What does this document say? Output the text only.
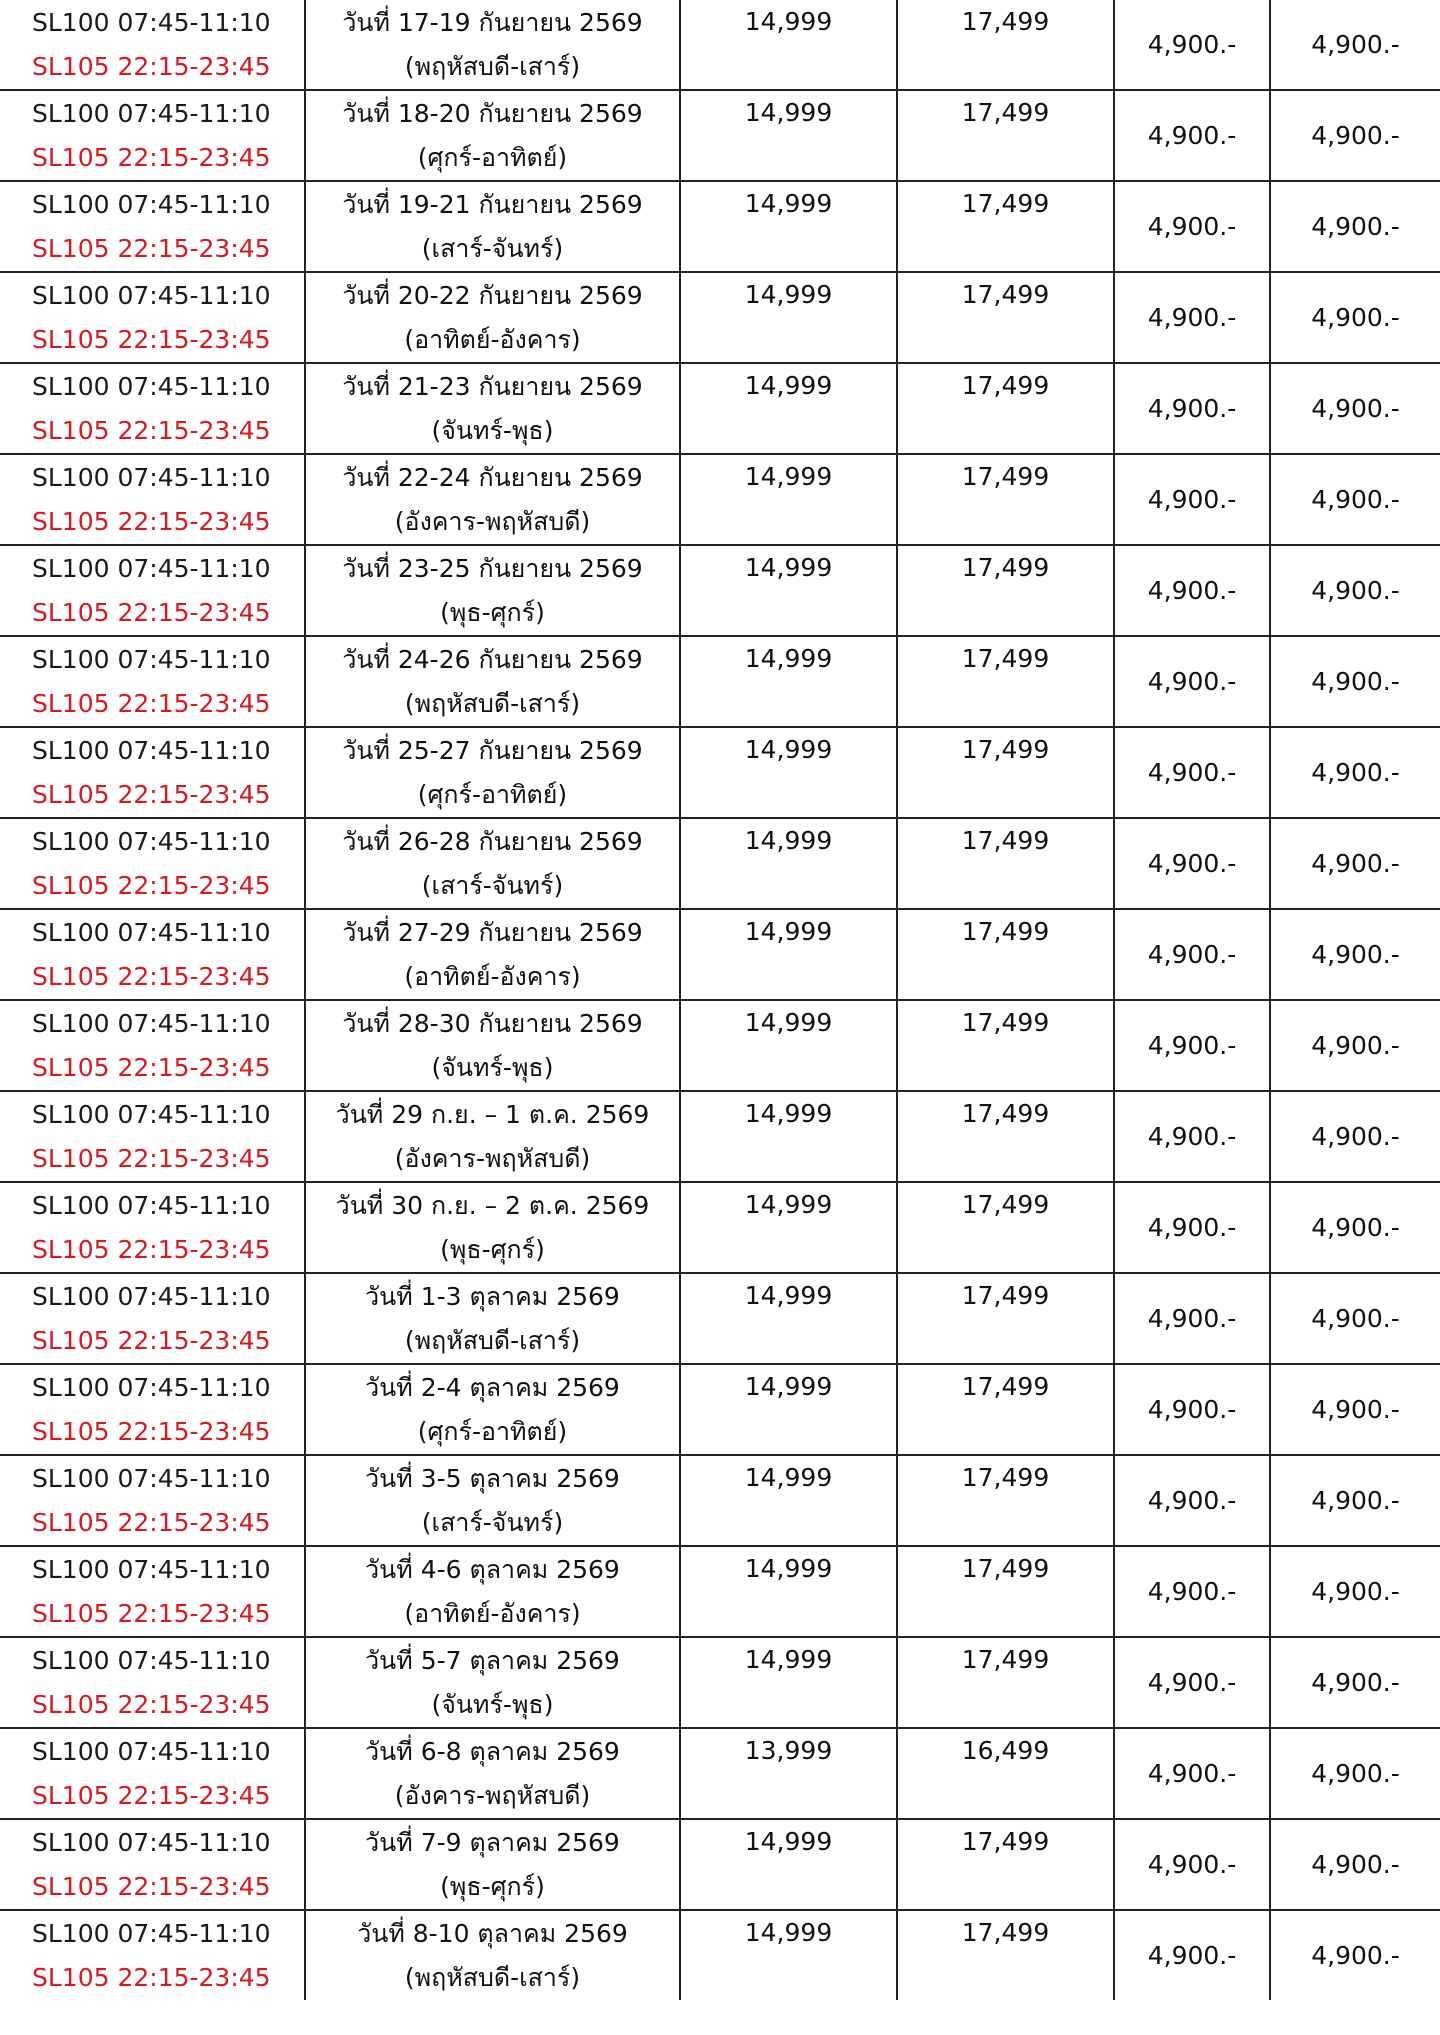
SL100 07:45-11:10
SL105 22:15-23:45	วันที่ 17-19 กันยายน 2569
(พฤหัสบดี-เสาร์)	14,999	17,499	4,900.-	4,900.-

SL100 07:45-11:10
SL105 22:15-23:45	วันที่ 18-20 กันยายน 2569
(ศุกร์-อาทิตย์)	14,999	17,499	4,900.-	4,900.-

SL100 07:45-11:10
SL105 22:15-23:45	วันที่ 19-21 กันยายน 2569
(เสาร์-จันทร์)	14,999	17,499	4,900.-	4,900.-

SL100 07:45-11:10
SL105 22:15-23:45	วันที่ 20-22 กันยายน 2569
(อาทิตย์-อังคาร)	14,999	17,499	4,900.-	4,900.-

SL100 07:45-11:10
SL105 22:15-23:45	วันที่ 21-23 กันยายน 2569
(จันทร์-พุธ)	14,999	17,499	4,900.-	4,900.-

SL100 07:45-11:10
SL105 22:15-23:45	วันที่ 22-24 กันยายน 2569
(อังคาร-พฤหัสบดี)	14,999	17,499	4,900.-	4,900.-

SL100 07:45-11:10
SL105 22:15-23:45	วันที่ 23-25 กันยายน 2569
(พุธ-ศุกร์)	14,999	17,499	4,900.-	4,900.-

SL100 07:45-11:10
SL105 22:15-23:45	วันที่ 24-26 กันยายน 2569
(พฤหัสบดี-เสาร์)	14,999	17,499	4,900.-	4,900.-

SL100 07:45-11:10
SL105 22:15-23:45	วันที่ 25-27 กันยายน 2569
(ศุกร์-อาทิตย์)	14,999	17,499	4,900.-	4,900.-

SL100 07:45-11:10
SL105 22:15-23:45	วันที่ 26-28 กันยายน 2569
(เสาร์-จันทร์)	14,999	17,499	4,900.-	4,900.-

SL100 07:45-11:10
SL105 22:15-23:45	วันที่ 27-29 กันยายน 2569
(อาทิตย์-อังคาร)	14,999	17,499	4,900.-	4,900.-

SL100 07:45-11:10
SL105 22:15-23:45	วันที่ 28-30 กันยายน 2569
(จันทร์-พุธ)	14,999	17,499	4,900.-	4,900.-

SL100 07:45-11:10
SL105 22:15-23:45	วันที่ 29 ก.ย. – 1 ต.ค. 2569
(อังคาร-พฤหัสบดี)	14,999	17,499	4,900.-	4,900.-

SL100 07:45-11:10
SL105 22:15-23:45	วันที่ 30 ก.ย. – 2 ต.ค. 2569
(พุธ-ศุกร์)	14,999	17,499	4,900.-	4,900.-

SL100 07:45-11:10
SL105 22:15-23:45	วันที่ 1-3 ตุลาคม 2569
(พฤหัสบดี-เสาร์)	14,999	17,499	4,900.-	4,900.-

SL100 07:45-11:10
SL105 22:15-23:45	วันที่ 2-4 ตุลาคม 2569
(ศุกร์-อาทิตย์)	14,999	17,499	4,900.-	4,900.-

SL100 07:45-11:10
SL105 22:15-23:45	วันที่ 3-5 ตุลาคม 2569
(เสาร์-จันทร์)	14,999	17,499	4,900.-	4,900.-

SL100 07:45-11:10
SL105 22:15-23:45	วันที่ 4-6 ตุลาคม 2569
(อาทิตย์-อังคาร)	14,999	17,499	4,900.-	4,900.-

SL100 07:45-11:10
SL105 22:15-23:45	วันที่ 5-7 ตุลาคม 2569
(จันทร์-พุธ)	14,999	17,499	4,900.-	4,900.-

SL100 07:45-11:10
SL105 22:15-23:45	วันที่ 6-8 ตุลาคม 2569
(อังคาร-พฤหัสบดี)	13,999	16,499	4,900.-	4,900.-

SL100 07:45-11:10
SL105 22:15-23:45	วันที่ 7-9 ตุลาคม 2569
(พุธ-ศุกร์)	14,999	17,499	4,900.-	4,900.-

SL100 07:45-11:10
SL105 22:15-23:45	วันที่ 8-10 ตุลาคม 2569
(พฤหัสบดี-เสาร์)	14,999	17,499	4,900.-	4,900.-
